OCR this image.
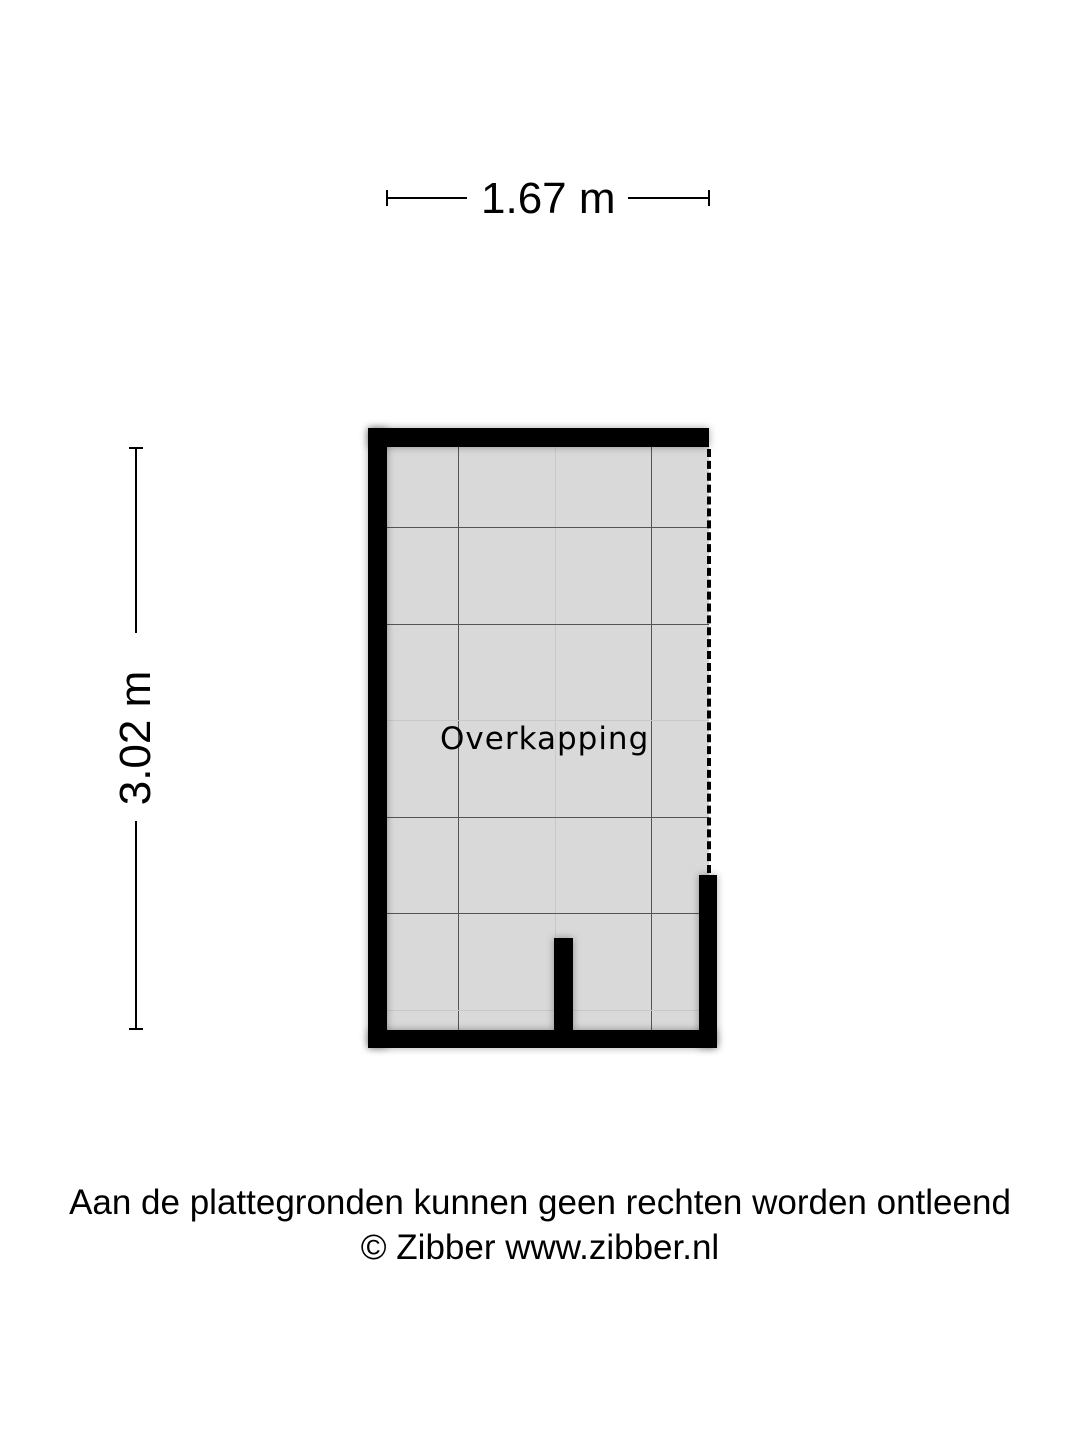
1.67 m
3.02 m	Overkapping
Aan de plattegronden kunnen geen rechten worden ontleend
© Zibber www.zibber.nl
